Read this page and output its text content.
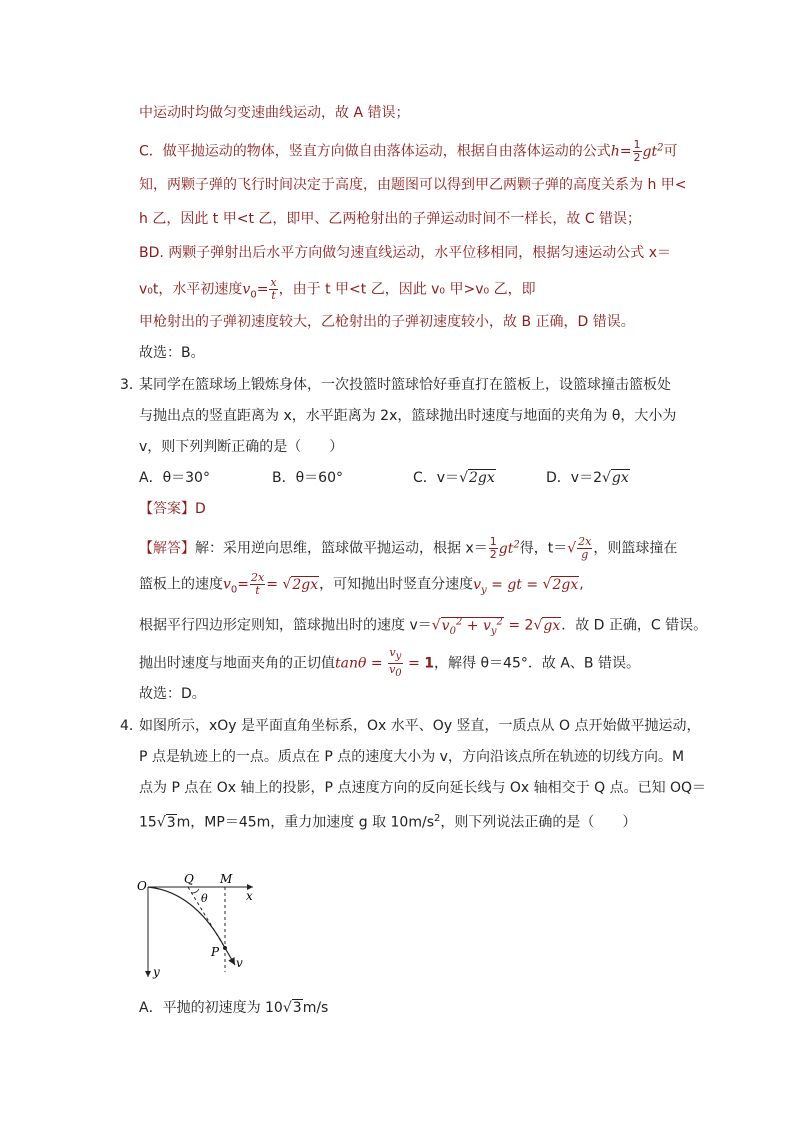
中运动时均做匀变速曲线运动，故 A 错误；
C．做平抛运动的物体，竖直方向做自由落体运动，根据自由落体运动的公式$h= \frac{1}{2} gt^2$可
知，两颗子弹的飞行时间决定于高度，由题图可以得到甲乙两颗子弹的高度关系为 h 甲<
h 乙，因此 t 甲<t 乙，即甲、乙两枪射出的子弹运动时间不一样长，故 C 错误；
BD. 两颗子弹射出后水平方向做匀速直线运动，水平位移相同，根据匀速运动公式 x＝
v₀t，水平初速度$v_0= \frac{x}{t}$ ，由于 t 甲<t 乙，因此 v₀ 甲>v₀ 乙，即
甲枪射出的子弹初速度较大，乙枪射出的子弹初速度较小，故 B 正确，D 错误。
故选：B。
3．
某同学在篮球场上锻炼身体，一次投篮时篮球恰好垂直打在篮板上，设篮球撞击篮板处
与抛出点的竖直距离为 x，水平距离为 2x，篮球抛出时速度与地面的夹角为 θ，大小为
v，则下列判断正确的是（　　）
A．θ＝30°	B．θ＝60°	C．v＝√2gx	D．v＝2√gx
【答案】D
【解答】解：采用逆向思维，篮球做平抛运动，根据 $x= \frac{1}{2} gt^2$得，$t=√ \frac{2x}{g}$ ，则篮球撞在
篮板上的速度$v_0= \frac{2x}{t} = √2gx$，可知抛出时竖直分速度$v_y$ = gt = √2gx,
根据平行四边形定则知，篮球抛出时的速度 $v=√v_0^2 + v_y^2 = 2√gx$．故 D 正确，C 错误。
抛出时速度与地面夹角的正切值$\tan\theta = \frac{v_y}{v_0} = 1$，解得 θ＝45°．故 A、B 错误。
故选：D。
4．
如图所示，xOy 是平面直角坐标系，Ox 水平、Oy 竖直，一质点从 O 点开始做平抛运动，
P 点是轨迹上的一点。质点在 P 点的速度大小为 v，方向沿该点所在轨迹的切线方向。M
点为 P 点在 Ox 轴上的投影，P 点速度方向的反向延长线与 Ox 轴相交于 Q 点。已知 OQ＝
15√3m，MP＝45m，重力加速度 g 取 $10m/s^2$，则下列说法正确的是（　　）
O	Q M
x
y
P
v
θ
A．平抛的初速度为 10√3m/s
